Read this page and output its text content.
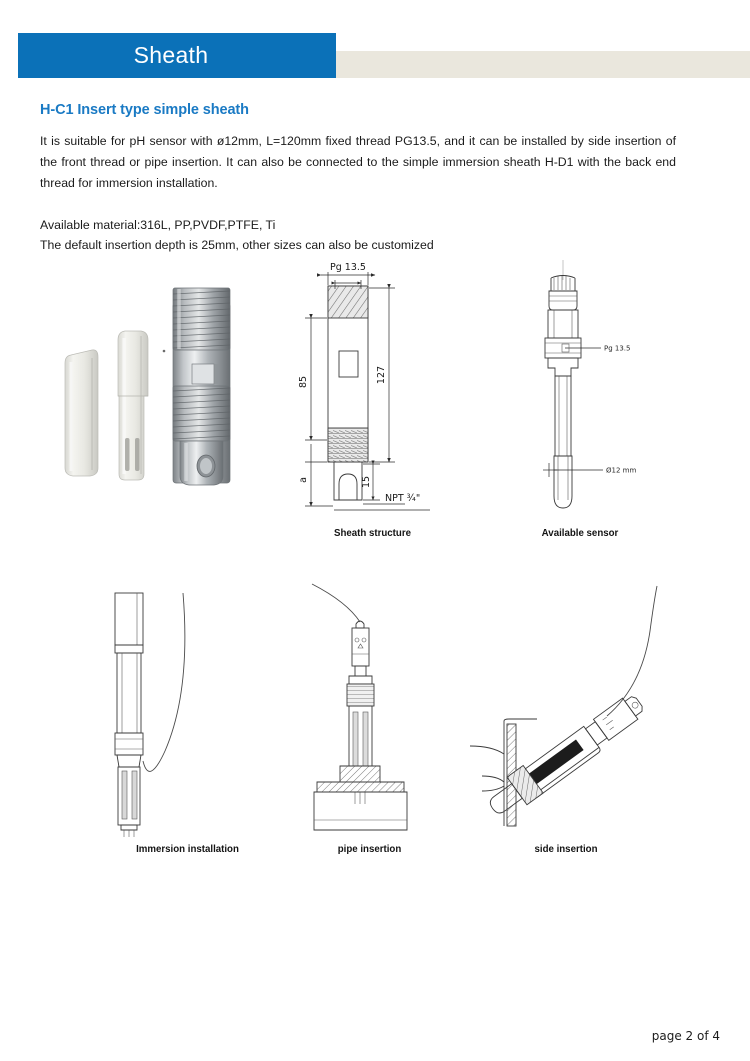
Sheath
H-C1 Insert type simple sheath

It is suitable for pH sensor with ø12mm, L=120mm fixed thread PG13.5, and it can be installed by side insertion of the front thread or pipe insertion. It can also be connected to the simple immersion sheath H-D1 with the back end thread for immersion installation.

Available material:316L, PP,PVDF,PTFE, Ti
The default insertion depth is 25mm, other sizes can also be customized
Pg 13.5
85
a
127
15
NPT ¾"
Sheath structure
Pg 13.5
Ø12 mm
Available sensor
Immersion installation	pipe insertion	side insertion
page 2 of 4
